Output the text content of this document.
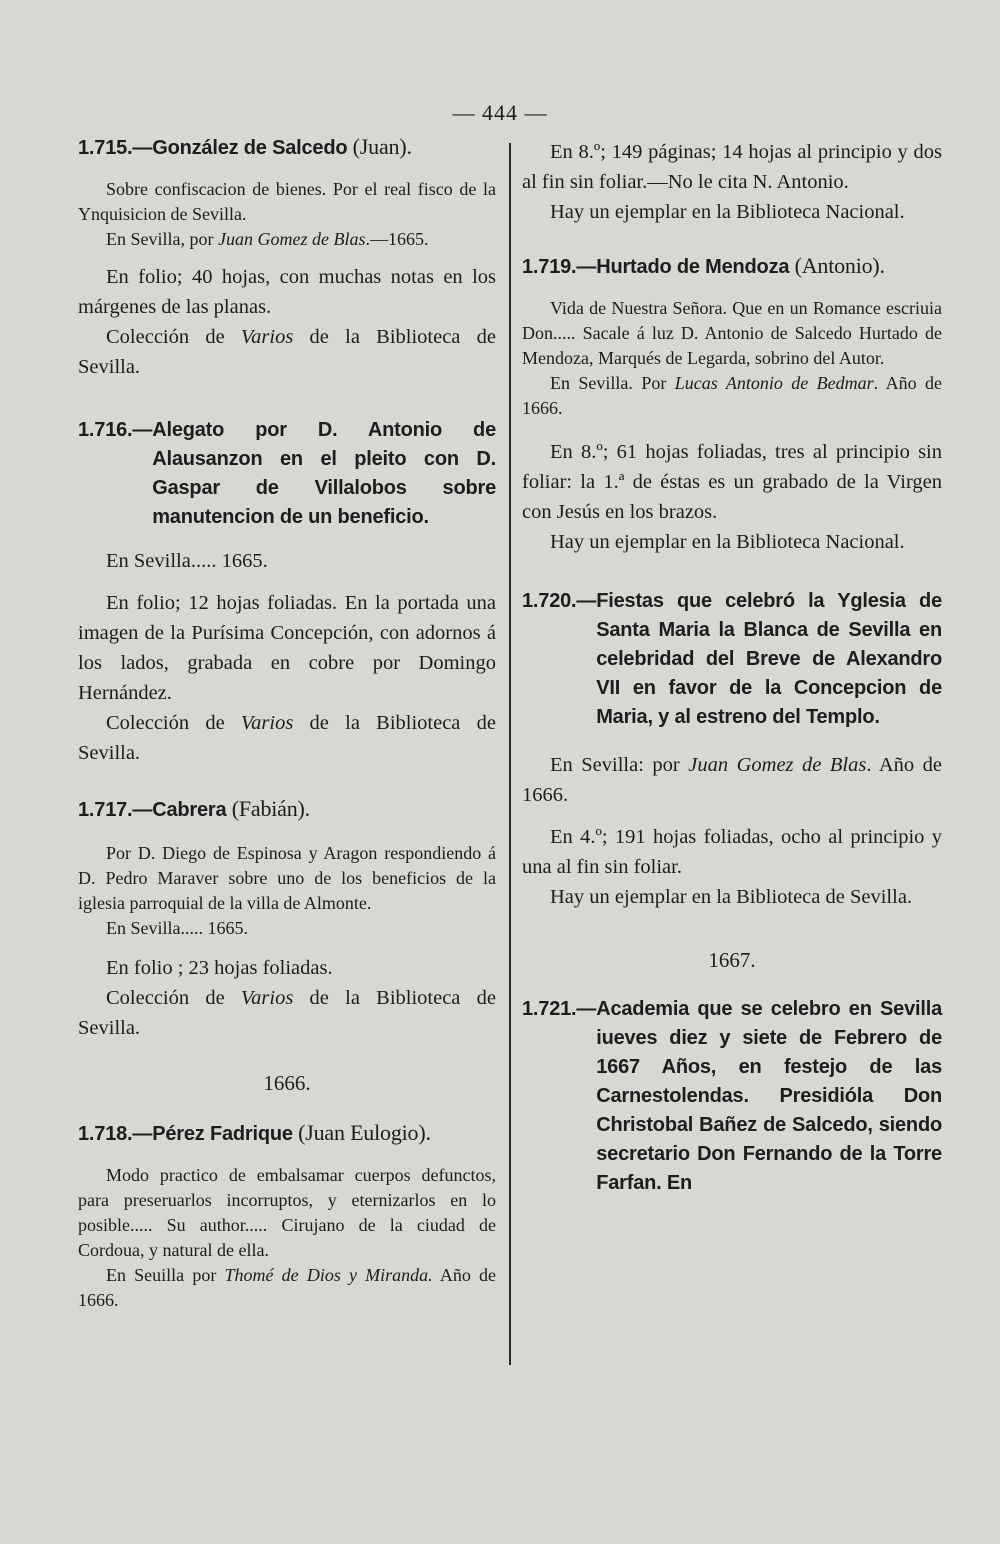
— 444 —
1.715.—González de Salcedo (Juan).

Sobre confiscacion de bienes. Por el real fisco de la Ynquisicion de Sevilla.

En Sevilla, por Juan Gomez de Blas.—1665.

En folio; 40 hojas, con muchas notas en los márgenes de las planas.

Colección de Varios de la Biblioteca de Sevilla.

1.716.— Alegato por D. Antonio de Alausanzon en el pleito con D. Gaspar de Villalobos sobre manutencion de un beneficio.

En Sevilla..... 1665.

En folio; 12 hojas foliadas. En la portada una imagen de la Purísima Concepción, con adornos á los lados, grabada en cobre por Domingo Hernández.

Colección de Varios de la Biblioteca de Sevilla.

1.717.—Cabrera (Fabián).

Por D. Diego de Espinosa y Aragon respondiendo á D. Pedro Maraver sobre uno de los beneficios de la iglesia parroquial de la villa de Almonte.

En Sevilla..... 1665.

En folio ; 23 hojas foliadas.

Colección de Varios de la Biblioteca de Sevilla.

1666.
1.718.—Pérez Fadrique (Juan Eulogio).

Modo practico de embalsamar cuerpos defunctos, para preseruarlos incorruptos, y eternizarlos en lo posible..... Su author..... Cirujano de la ciudad de Cordoua, y natural de ella.

En Seuilla por Thomé de Dios y Miranda. Año de 1666.

En 8.º; 149 páginas; 14 hojas al principio y dos al fin sin foliar.—No le cita N. Antonio.

Hay un ejemplar en la Biblioteca Nacional.

1.719.—Hurtado de Mendoza (Antonio).

Vida de Nuestra Señora. Que en un Romance escriuia Don..... Sacale á luz D. Antonio de Salcedo Hurtado de Mendoza, Marqués de Legarda, sobrino del Autor.

En Sevilla. Por Lucas Antonio de Bedmar. Año de 1666.

En 8.º; 61 hojas foliadas, tres al principio sin foliar: la 1.ª de éstas es un grabado de la Virgen con Jesús en los brazos.

Hay un ejemplar en la Biblioteca Nacional.

1.720.— Fiestas que celebró la Yglesia de Santa Maria la Blanca de Sevilla en celebridad del Breve de Alexandro VII en favor de la Concepcion de Maria, y al estreno del Templo.

En Sevilla: por Juan Gomez de Blas. Año de 1666.

En 4.º; 191 hojas foliadas, ocho al principio y una al fin sin foliar.

Hay un ejemplar en la Biblioteca de Sevilla.

1667.
1.721.— Academia que se celebro en Sevilla iueves diez y siete de Febrero de 1667 Años, en festejo de las Carnestolendas. Presidióla Don Christobal Bañez de Salcedo, siendo secretario Don Fernando de la Torre Farfan. En
